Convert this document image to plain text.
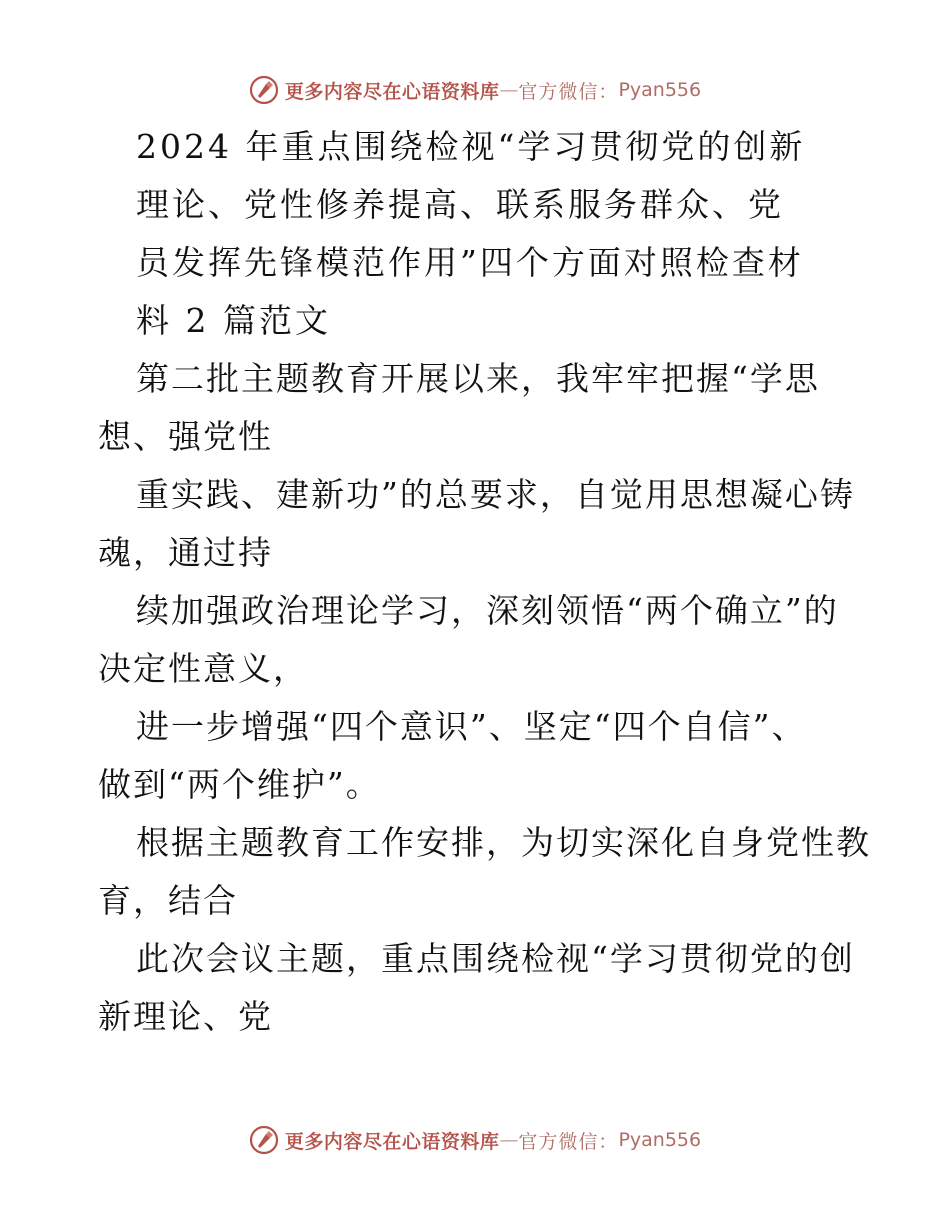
更多内容尽在心语资料库 — 官方微信： Pyan556
2024 年重点围绕检视“学习贯彻党的创新
理论、党性修养提高、联系服务群众、党
员发挥先锋模范作用”四个方面对照检查材
料 2 篇范文
第二批主题教育开展以来，我牢牢把握“学思
想、强党性
重实践、建新功”的总要求，自觉用思想凝心铸
魂，通过持
续加强政治理论学习，深刻领悟“两个确立”的
决定性意义，
进一步增强“四个意识”、坚定“四个自信”、
做到“两个维护”。
根据主题教育工作安排，为切实深化自身党性教
育，结合
此次会议主题，重点围绕检视“学习贯彻党的创
新理论、党
更多内容尽在心语资料库 — 官方微信： Pyan556
